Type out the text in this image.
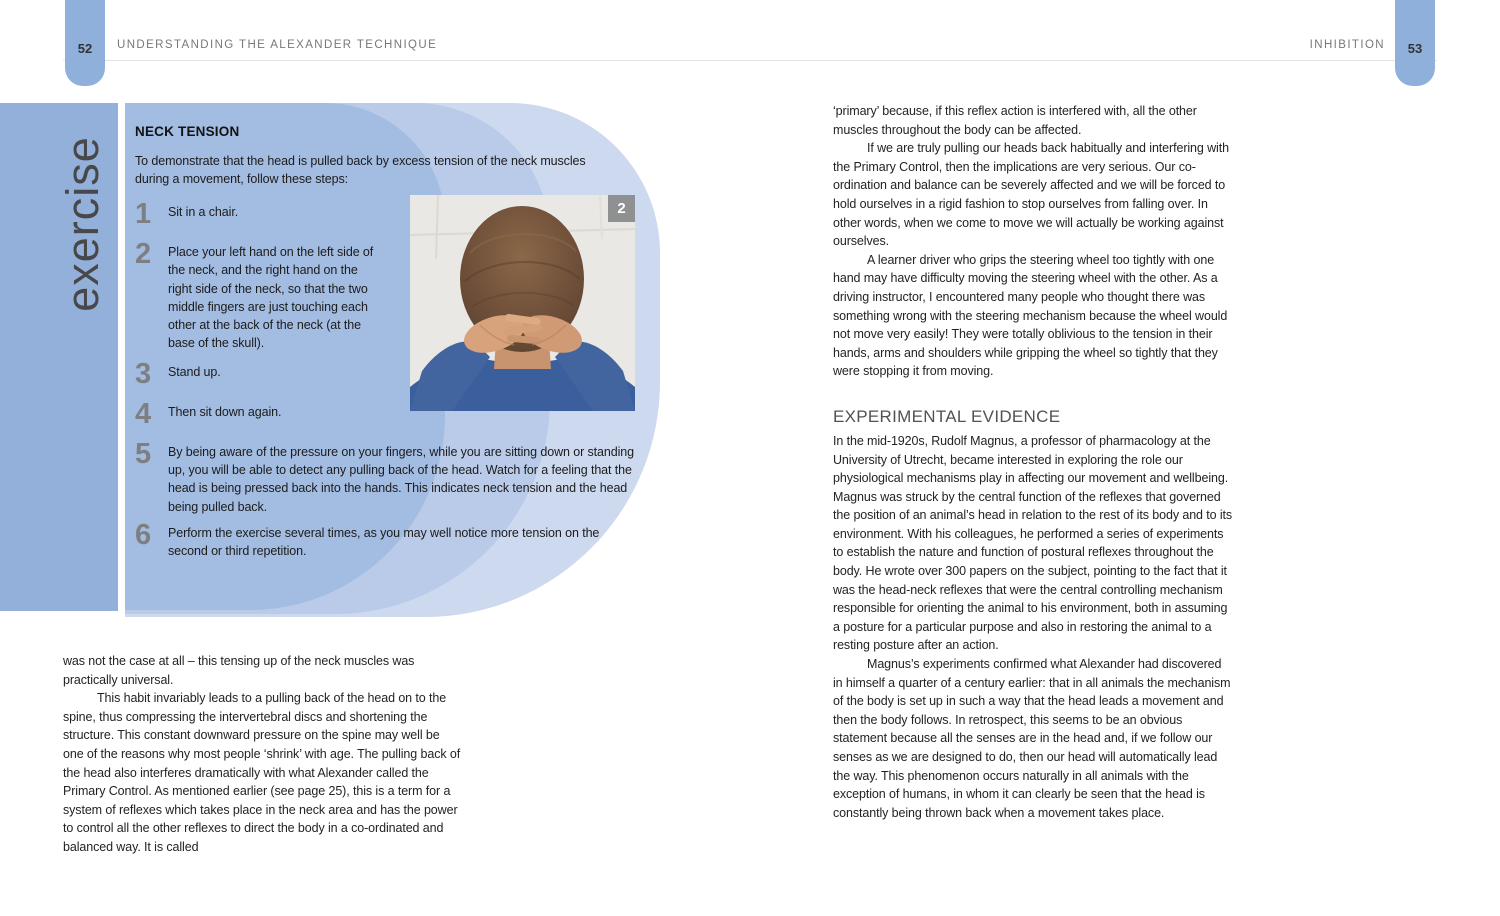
52 UNDERSTANDING THE ALEXANDER TECHNIQUE	INHIBITION 53
exercise
NECK TENSION

To demonstrate that the head is pulled back by excess tension of the neck muscles during a movement, follow these steps:

1	Sit in a chair.
2	Place your left hand on the left side of the neck, and the right hand on the right side of the neck, so that the two middle fingers are just touching each other at the back of the neck (at the base of the skull).
3	Stand up.
4	Then sit down again.
5	By being aware of the pressure on your fingers, while you are sitting down or standing up, you will be able to detect any pulling back of the head. Watch for a feeling that the head is being pressed back into the hands. This indicates neck tension and the head being pulled back.
6	Perform the exercise several times, as you may well notice more tension on the second or third repetition.
2

was not the case at all – this tensing up of the neck muscles was practically universal.

This habit invariably leads to a pulling back of the head on to the spine, thus compressing the intervertebral discs and shortening the structure. This constant downward pressure on the spine may well be one of the reasons why most people ‘shrink’ with age. The pulling back of the head also interferes dramatically with what Alexander called the Primary Control. As mentioned earlier (see page 25), this is a term for a system of reflexes which takes place in the neck area and has the power to control all the other reflexes to direct the body in a co-ordinated and balanced way. It is called

‘primary’ because, if this reflex action is interfered with, all the other muscles throughout the body can be affected.

If we are truly pulling our heads back habitually and interfering with the Primary Control, then the implications are very serious. Our co-ordination and balance can be severely affected and we will be forced to hold ourselves in a rigid fashion to stop ourselves from falling over. In other words, when we come to move we will actually be working against ourselves.

A learner driver who grips the steering wheel too tightly with one hand may have difficulty moving the steering wheel with the other. As a driving instructor, I encountered many people who thought there was something wrong with the steering mechanism because the wheel would not move very easily! They were totally oblivious to the tension in their hands, arms and shoulders while gripping the wheel so tightly that they were stopping it from moving.

EXPERIMENTAL EVIDENCE

In the mid-1920s, Rudolf Magnus, a professor of pharmacology at the University of Utrecht, became interested in exploring the role our physiological mechanisms play in affecting our movement and wellbeing. Magnus was struck by the central function of the reflexes that governed the position of an animal’s head in relation to the rest of its body and to its environment. With his colleagues, he performed a series of experiments to establish the nature and function of postural reflexes throughout the body. He wrote over 300 papers on the subject, pointing to the fact that it was the head-neck reflexes that were the central controlling mechanism responsible for orienting the animal to his environment, both in assuming a posture for a particular purpose and also in restoring the animal to a resting posture after an action.

Magnus’s experiments confirmed what Alexander had discovered in himself a quarter of a century earlier: that in all animals the mechanism of the body is set up in such a way that the head leads a movement and then the body follows. In retrospect, this seems to be an obvious statement because all the senses are in the head and, if we follow our senses as we are designed to do, then our head will automatically lead the way. This phenomenon occurs naturally in all animals with the exception of humans, in whom it can clearly be seen that the head is constantly being thrown back when a movement takes place.
